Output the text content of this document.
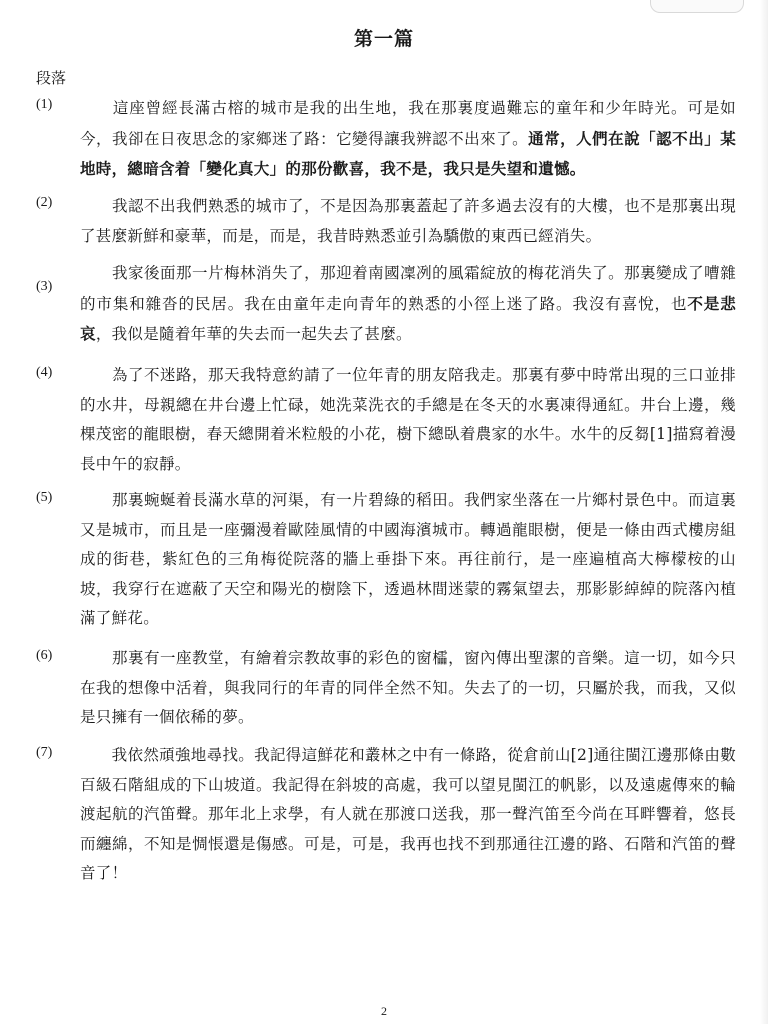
第一篇
段落
(1) 　　這座曾經長滿古榕的城市是我的出生地，我在那裏度過難忘的童年和少年時光。可是如今，我卻在日夜思念的家鄉迷了路：它變得讓我辨認不出來了。通常，人們在說「認不出」某地時，總暗含着「變化真大」的那份歡喜，我不是，我只是失望和遺憾。
(2) 　　我認不出我們熟悉的城市了，不是因為那裏蓋起了許多過去沒有的大樓，也不是那裏出現了甚麼新鮮和豪華，而是，而是，我昔時熟悉並引為驕傲的東西已經消失。
(3)
　　我家後面那一片梅林消失了，那迎着南國凜冽的風霜綻放的梅花消失了。那裏變成了嘈雜的市集和雜沓的民居。我在由童年走向青年的熟悉的小徑上迷了路。我沒有喜悅，也不是悲哀，我似是隨着年華的失去而一起失去了甚麼。
(4) 　　為了不迷路，那天我特意約請了一位年青的朋友陪我走。那裏有夢中時常出現的三口並排的水井，母親總在井台邊上忙碌，她洗菜洗衣的手總是在冬天的水裏凍得通紅。井台上邊，幾棵茂密的龍眼樹，春天總開着米粒般的小花，樹下總臥着農家的水牛。水牛的反芻[1]描寫着漫長中午的寂靜。
(5) 　　那裏蜿蜒着長滿水草的河渠，有一片碧綠的稻田。我們家坐落在一片鄉村景色中。而這裏又是城市，而且是一座彌漫着歐陸風情的中國海濱城市。轉過龍眼樹，便是一條由西式樓房組成的街巷，紫紅色的三角梅從院落的牆上垂掛下來。再往前行，是一座遍植高大檸檬桉的山坡，我穿行在遮蔽了天空和陽光的樹陰下，透過林間迷蒙的霧氣望去，那影影綽綽的院落內植滿了鮮花。
(6) 　　那裏有一座教堂，有繪着宗教故事的彩色的窗櫺，窗內傳出聖潔的音樂。這一切，如今只在我的想像中活着，與我同行的年青的同伴全然不知。失去了的一切，只屬於我，而我，又似是只擁有一個依稀的夢。
(7) 　　我依然頑強地尋找。我記得這鮮花和叢林之中有一條路，從倉前山[2]通往閩江邊那條由數百級石階組成的下山坡道。我記得在斜坡的高處，我可以望見閩江的帆影，以及遠處傳來的輪渡起航的汽笛聲。那年北上求學，有人就在那渡口送我，那一聲汽笛至今尚在耳畔響着，悠長而纏綿，不知是惆悵還是傷感。可是，可是，我再也找不到那通往江邊的路、石階和汽笛的聲音了！
2
